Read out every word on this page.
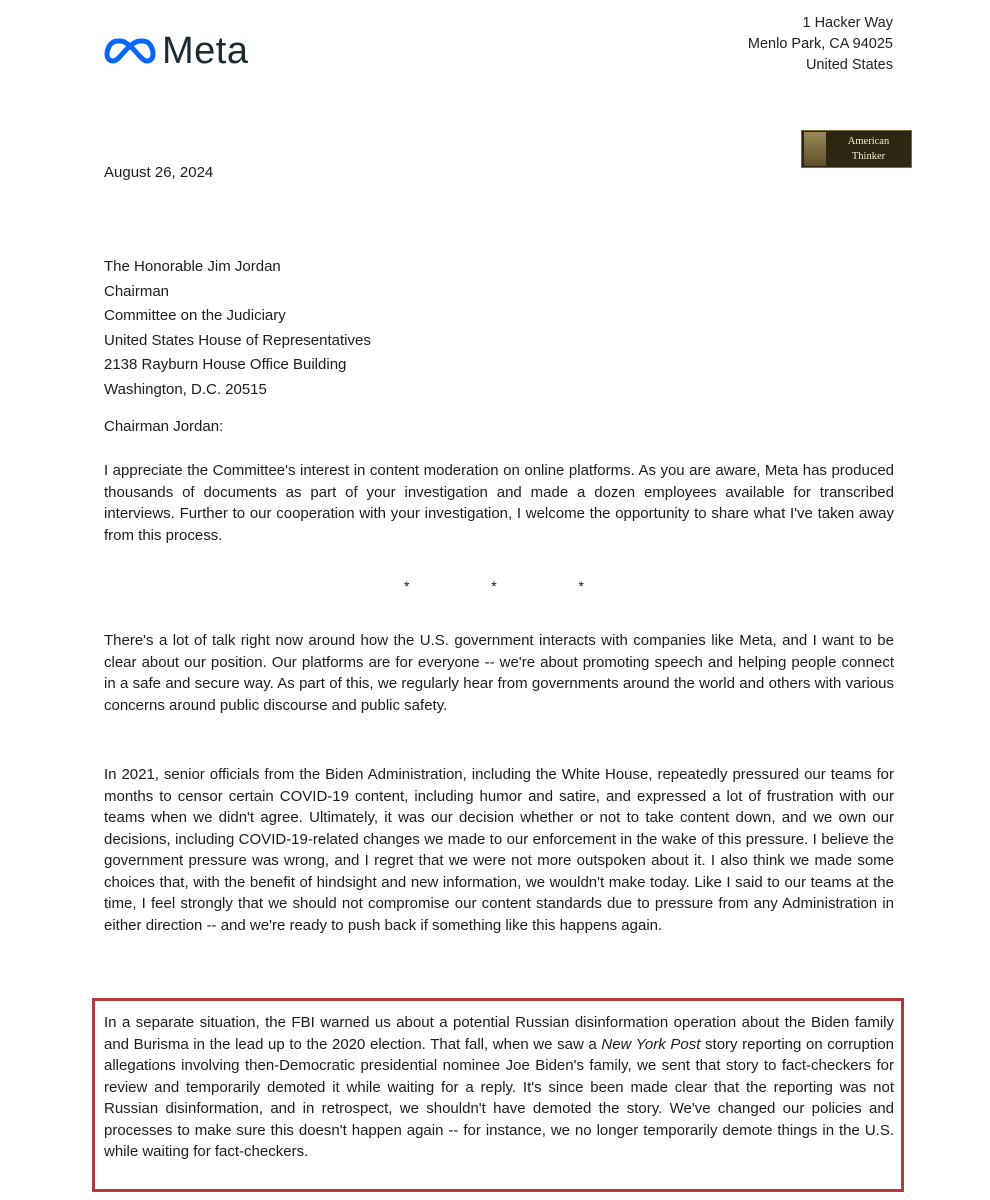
Meta
1 Hacker Way
Menlo Park, CA 94025
United States
American
Thinker
August 26, 2024
The Honorable Jim Jordan
Chairman
Committee on the Judiciary
United States House of Representatives
2138 Rayburn House Office Building
Washington, D.C. 20515
Chairman Jordan:
I appreciate the Committee's interest in content moderation on online platforms. As you are aware, Meta has produced thousands of documents as part of your investigation and made a dozen employees available for transcribed interviews. Further to our cooperation with your investigation, I welcome the opportunity to share what I've taken away from this process.
*	*	*
There's a lot of talk right now around how the U.S. government interacts with companies like Meta, and I want to be clear about our position. Our platforms are for everyone -- we're about promoting speech and helping people connect in a safe and secure way. As part of this, we regularly hear from governments around the world and others with various concerns around public discourse and public safety.
In 2021, senior officials from the Biden Administration, including the White House, repeatedly pressured our teams for months to censor certain COVID-19 content, including humor and satire, and expressed a lot of frustration with our teams when we didn't agree. Ultimately, it was our decision whether or not to take content down, and we own our decisions, including COVID-19-related changes we made to our enforcement in the wake of this pressure. I believe the government pressure was wrong, and I regret that we were not more outspoken about it. I also think we made some choices that, with the benefit of hindsight and new information, we wouldn't make today. Like I said to our teams at the time, I feel strongly that we should not compromise our content standards due to pressure from any Administration in either direction -- and we're ready to push back if something like this happens again.
In a separate situation, the FBI warned us about a potential Russian disinformation operation about the Biden family and Burisma in the lead up to the 2020 election. That fall, when we saw a New York Post story reporting on corruption allegations involving then-Democratic presidential nominee Joe Biden's family, we sent that story to fact-checkers for review and temporarily demoted it while waiting for a reply. It's since been made clear that the reporting was not Russian disinformation, and in retrospect, we shouldn't have demoted the story. We've changed our policies and processes to make sure this doesn't happen again -- for instance, we no longer temporarily demote things in the U.S. while waiting for fact-checkers.
